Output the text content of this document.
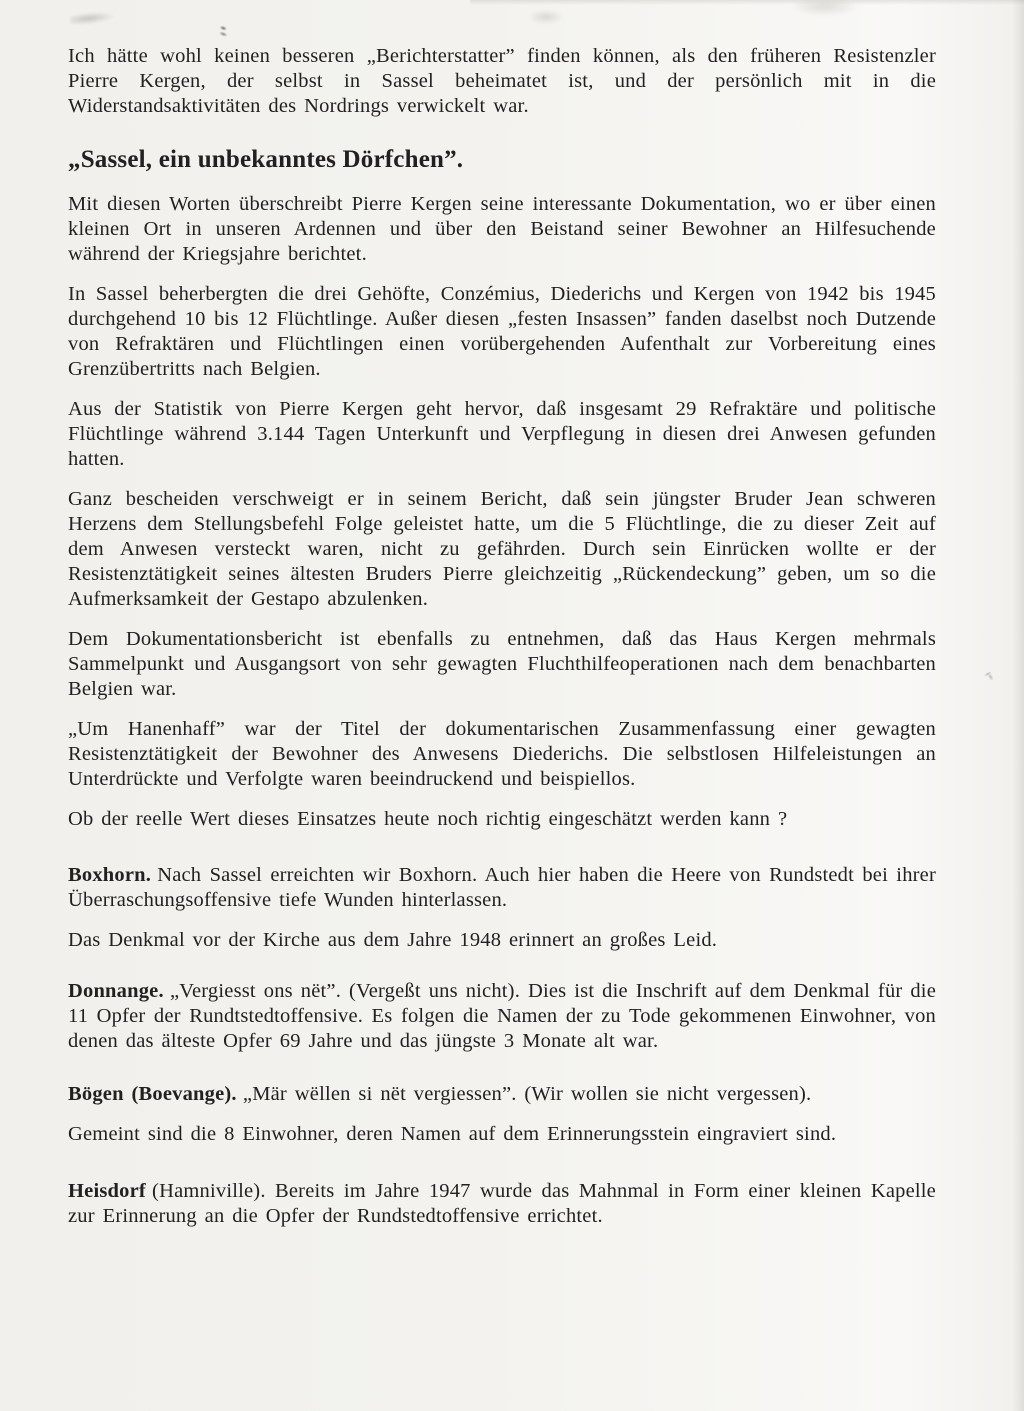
Ich hätte wohl keinen besseren „Berichterstatter” finden können, als den früheren Resistenzler Pierre Kergen, der selbst in Sassel beheimatet ist, und der persönlich mit in die Widerstandsaktivitäten des Nordrings verwickelt war.

„Sassel, ein unbekanntes Dörfchen”.

Mit diesen Worten überschreibt Pierre Kergen seine interessante Dokumentation, wo er über einen kleinen Ort in unseren Ardennen und über den Beistand seiner Bewohner an Hilfesuchende während der Kriegsjahre berichtet.

In Sassel beherbergten die drei Gehöfte, Conzémius, Diederichs und Kergen von 1942 bis 1945 durchgehend 10 bis 12 Flüchtlinge. Außer diesen „festen Insassen” fanden daselbst noch Dutzende von Refraktären und Flüchtlingen einen vorübergehenden Aufenthalt zur Vorbereitung eines Grenzübertritts nach Belgien.

Aus der Statistik von Pierre Kergen geht hervor, daß insgesamt 29 Refraktäre und politische Flüchtlinge während 3.144 Tagen Unterkunft und Verpflegung in diesen drei Anwesen gefunden hatten.

Ganz bescheiden verschweigt er in seinem Bericht, daß sein jüngster Bruder Jean schweren Herzens dem Stellungsbefehl Folge geleistet hatte, um die 5 Flüchtlinge, die zu dieser Zeit auf dem Anwesen versteckt waren, nicht zu gefährden. Durch sein Einrücken wollte er der Resistenztätigkeit seines ältesten Bruders Pierre gleichzeitig „Rückendeckung” geben, um so die Aufmerksamkeit der Gestapo abzulenken.

Dem Dokumentationsbericht ist ebenfalls zu entnehmen, daß das Haus Kergen mehrmals Sammelpunkt und Ausgangsort von sehr gewagten Fluchthilfeoperationen nach dem benachbarten Belgien war.

„Um Hanenhaff” war der Titel der dokumentarischen Zusammenfassung einer gewagten Resistenztätigkeit der Bewohner des Anwesens Diederichs. Die selbstlosen Hilfeleistungen an Unterdrückte und Verfolgte waren beeindruckend und beispiellos.

Ob der reelle Wert dieses Einsatzes heute noch richtig eingeschätzt werden kann ?

Boxhorn. Nach Sassel erreichten wir Boxhorn. Auch hier haben die Heere von Rundstedt bei ihrer Überraschungsoffensive tiefe Wunden hinterlassen.

Das Denkmal vor der Kirche aus dem Jahre 1948 erinnert an großes Leid.

Donnange. „Vergiesst ons nët”. (Vergeßt uns nicht). Dies ist die Inschrift auf dem Denkmal für die 11 Opfer der Rundtstedtoffensive. Es folgen die Namen der zu Tode gekommenen Einwohner, von denen das älteste Opfer 69 Jahre und das jüngste 3 Monate alt war.

Bögen (Boevange). „Mär wëllen si nët vergiessen”. (Wir wollen sie nicht vergessen).

Gemeint sind die 8 Einwohner, deren Namen auf dem Erinnerungsstein eingraviert sind.

Heisdorf (Hamniville). Bereits im Jahre 1947 wurde das Mahnmal in Form einer kleinen Kapelle zur Erinnerung an die Opfer der Rundstedtoffensive errichtet.
